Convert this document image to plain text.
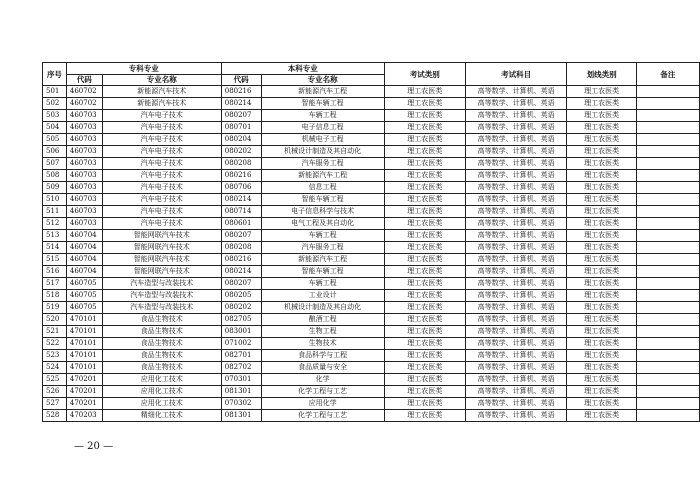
序号	专科专业		本科专业		考试类别	考试科目	划线类别	备注
	代码	专业名称	代码	专业名称				
501	460702	新能源汽车技术	080216	新能源汽车工程	理工农医类	高等数学、计算机、英语	理工农医类	
502	460702	新能源汽车技术	080214	智能车辆工程	理工农医类	高等数学、计算机、英语	理工农医类	
503	460703	汽车电子技术	080207	车辆工程	理工农医类	高等数学、计算机、英语	理工农医类	
504	460703	汽车电子技术	080701	电子信息工程	理工农医类	高等数学、计算机、英语	理工农医类	
505	460703	汽车电子技术	080204	机械电子工程	理工农医类	高等数学、计算机、英语	理工农医类	
506	460703	汽车电子技术	080202	机械设计制造及其自动化	理工农医类	高等数学、计算机、英语	理工农医类	
507	460703	汽车电子技术	080208	汽车服务工程	理工农医类	高等数学、计算机、英语	理工农医类	
508	460703	汽车电子技术	080216	新能源汽车工程	理工农医类	高等数学、计算机、英语	理工农医类	
509	460703	汽车电子技术	080706	信息工程	理工农医类	高等数学、计算机、英语	理工农医类	
510	460703	汽车电子技术	080214	智能车辆工程	理工农医类	高等数学、计算机、英语	理工农医类	
511	460703	汽车电子技术	080714	电子信息科学与技术	理工农医类	高等数学、计算机、英语	理工农医类	
512	460703	汽车电子技术	080601	电气工程及其自动化	理工农医类	高等数学、计算机、英语	理工农医类	
513	460704	智能网联汽车技术	080207	车辆工程	理工农医类	高等数学、计算机、英语	理工农医类	
514	460704	智能网联汽车技术	080208	汽车服务工程	理工农医类	高等数学、计算机、英语	理工农医类	
515	460704	智能网联汽车技术	080216	新能源汽车工程	理工农医类	高等数学、计算机、英语	理工农医类	
516	460704	智能网联汽车技术	080214	智能车辆工程	理工农医类	高等数学、计算机、英语	理工农医类	
517	460705	汽车造型与改装技术	080207	车辆工程	理工农医类	高等数学、计算机、英语	理工农医类	
518	460705	汽车造型与改装技术	080205	工业设计	理工农医类	高等数学、计算机、英语	理工农医类	
519	460705	汽车造型与改装技术	080202	机械设计制造及其自动化	理工农医类	高等数学、计算机、英语	理工农医类	
520	470101	食品生物技术	082705	酿酒工程	理工农医类	高等数学、计算机、英语	理工农医类	
521	470101	食品生物技术	083001	生物工程	理工农医类	高等数学、计算机、英语	理工农医类	
522	470101	食品生物技术	071002	生物技术	理工农医类	高等数学、计算机、英语	理工农医类	
523	470101	食品生物技术	082701	食品科学与工程	理工农医类	高等数学、计算机、英语	理工农医类	
524	470101	食品生物技术	082702	食品质量与安全	理工农医类	高等数学、计算机、英语	理工农医类	
525	470201	应用化工技术	070301	化学	理工农医类	高等数学、计算机、英语	理工农医类	
526	470201	应用化工技术	081301	化学工程与工艺	理工农医类	高等数学、计算机、英语	理工农医类	
527	470201	应用化工技术	070302	应用化学	理工农医类	高等数学、计算机、英语	理工农医类	
528	470203	精细化工技术	081301	化学工程与工艺	理工农医类	高等数学、计算机、英语	理工农医类	
— 20 —
